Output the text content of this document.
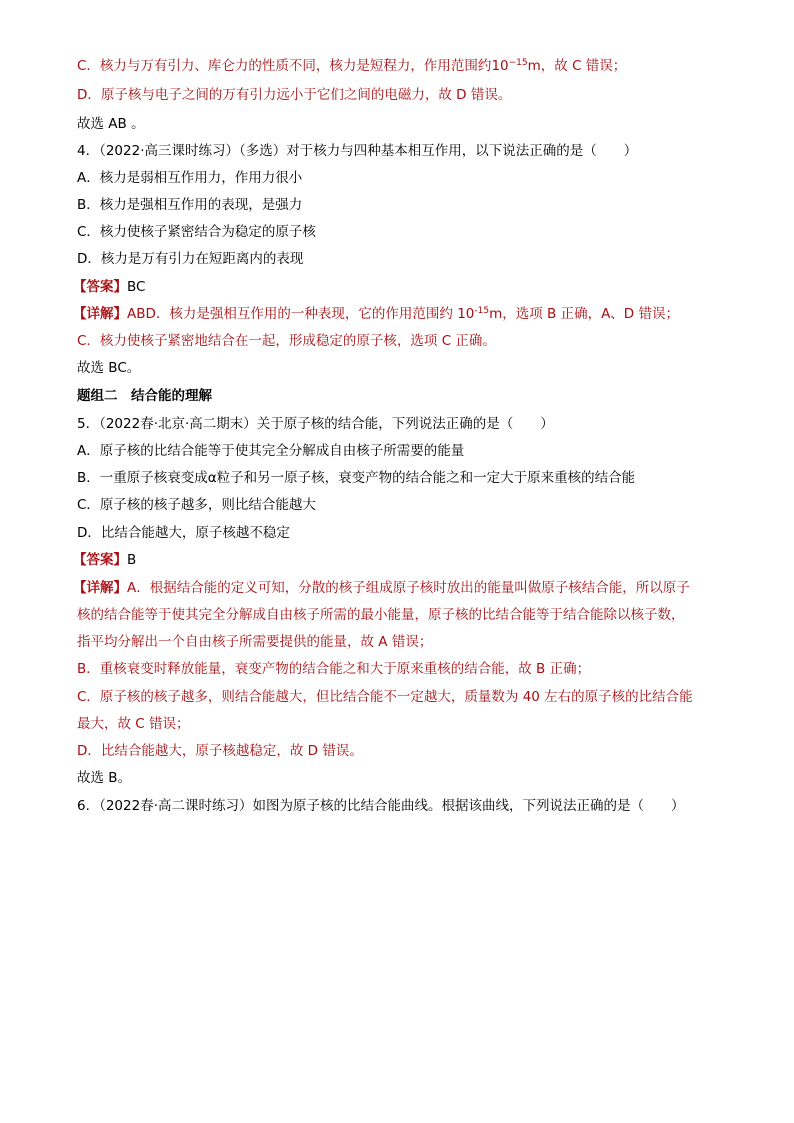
C．核力与万有引力、库仑力的性质不同，核力是短程力，作用范围约$10^{-15}m$，故 C 错误；
D．原子核与电子之间的万有引力远小于它们之间的电磁力，故 D 错误。
故选 AB 。
4．（2022·高三课时练习）（多选）对于核力与四种基本相互作用，以下说法正确的是（　　）
A．核力是弱相互作用力，作用力很小
B．核力是强相互作用的表现，是强力
C．核力使核子紧密结合为稳定的原子核
D．核力是万有引力在短距离内的表现
【答案】BC
【详解】ABD．核力是强相互作用的一种表现，它的作用范围约 $10^{-15}m$，选项 B 正确，A、D 错误；
C．核力使核子紧密地结合在一起，形成稳定的原子核，选项 C 正确。
故选 BC。
题组二　结合能的理解
5．（2022春·北京·高二期末）关于原子核的结合能，下列说法正确的是（　　）
A．原子核的比结合能等于使其完全分解成自由核子所需要的能量
B．一重原子核衰变成α粒子和另一原子核，衰变产物的结合能之和一定大于原来重核的结合能
C．原子核的核子越多，则比结合能越大
D．比结合能越大，原子核越不稳定
【答案】B
【详解】A．根据结合能的定义可知，分散的核子组成原子核时放出的能量叫做原子核结合能，所以原子
核的结合能等于使其完全分解成自由核子所需的最小能量，原子核的比结合能等于结合能除以核子数，
指平均分解出一个自由核子所需要提供的能量，故 A 错误；
B．重核衰变时释放能量，衰变产物的结合能之和大于原来重核的结合能，故 B 正确；
C．原子核的核子越多，则结合能越大，但比结合能不一定越大，质量数为 40 左右的原子核的比结合能
最大，故 C 错误；
D．比结合能越大，原子核越稳定，故 D 错误。
故选 B。
6．（2022春·高二课时练习）如图为原子核的比结合能曲线。根据该曲线，下列说法正确的是（　　）
